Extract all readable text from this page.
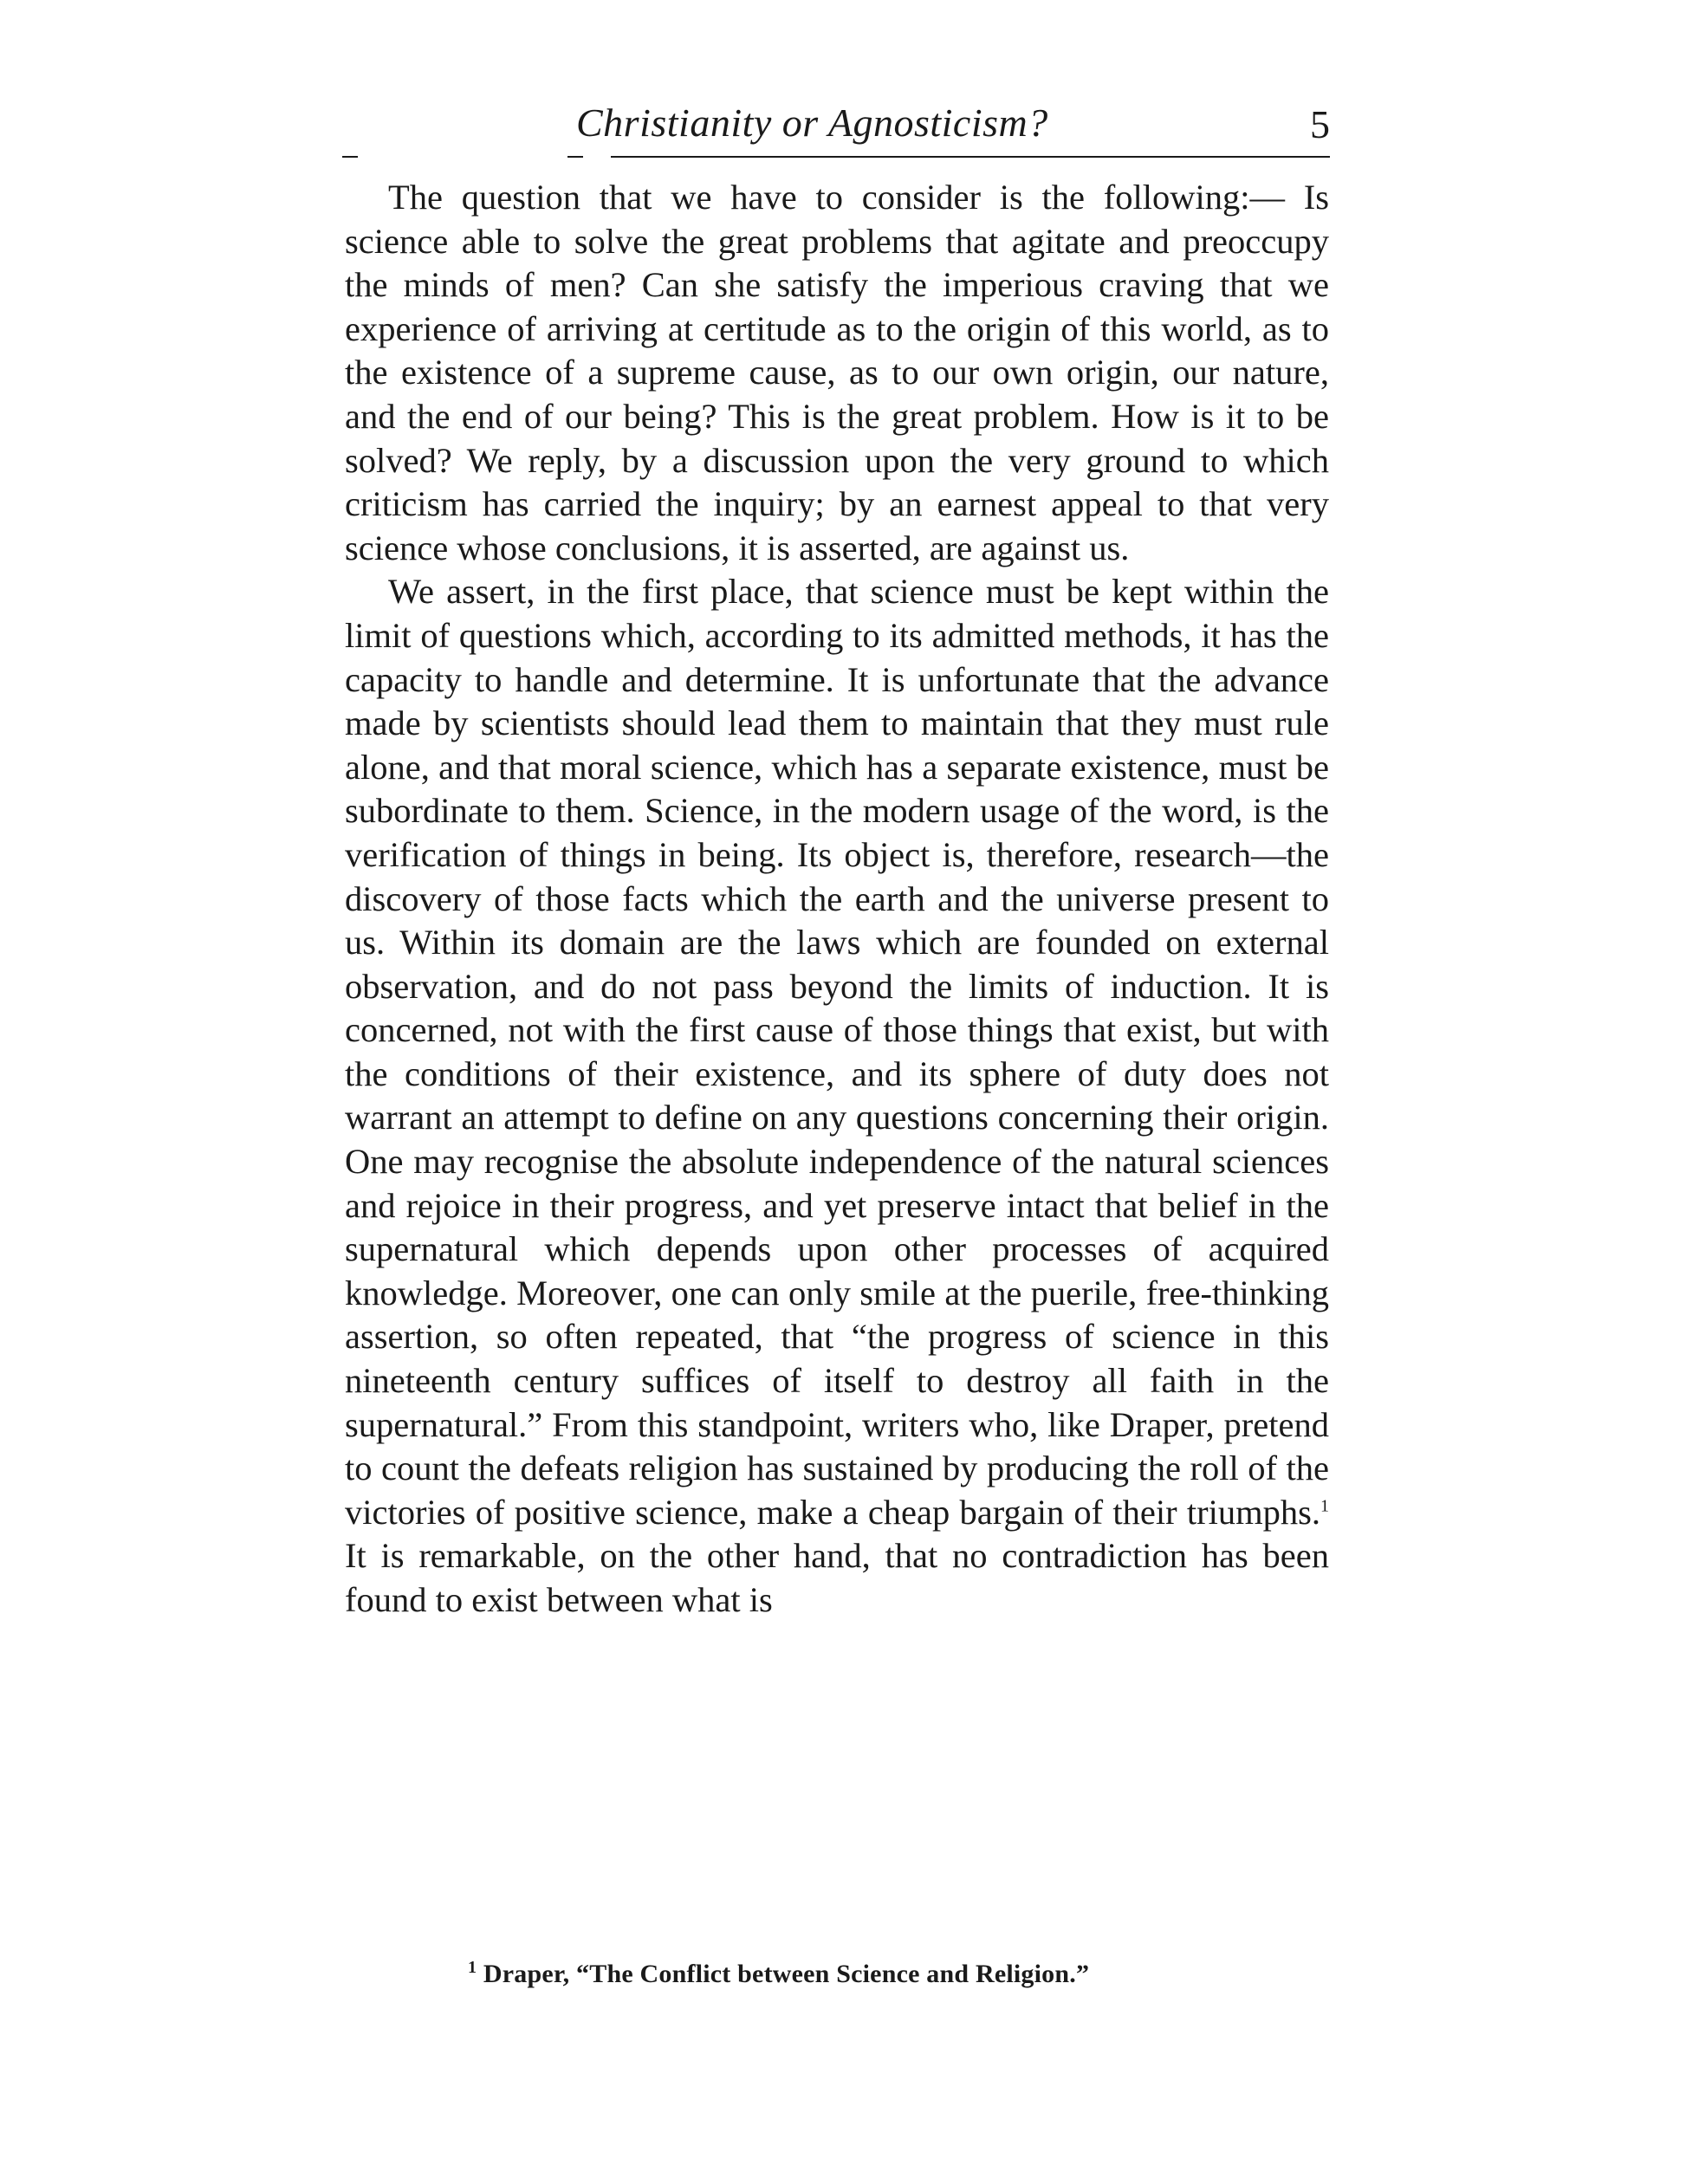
Christianity or Agnosticism?	5

The question that we have to consider is the following:— Is science able to solve the great problems that agitate and preoccupy the minds of men? Can she satisfy the imperious craving that we experience of arriving at certitude as to the origin of this world, as to the existence of a supreme cause, as to our own origin, our nature, and the end of our being? This is the great problem. How is it to be solved? We reply, by a discussion upon the very ground to which criticism has carried the inquiry; by an earnest appeal to that very science whose conclusions, it is asserted, are against us.

We assert, in the first place, that science must be kept within the limit of questions which, according to its admitted methods, it has the capacity to handle and determine. It is unfortunate that the advance made by scientists should lead them to maintain that they must rule alone, and that moral science, which has a separate existence, must be subordinate to them. Science, in the modern usage of the word, is the verification of things in being. Its object is, therefore, research—the discovery of those facts which the earth and the universe present to us. Within its domain are the laws which are founded on external observation, and do not pass beyond the limits of induction. It is concerned, not with the first cause of those things that exist, but with the conditions of their existence, and its sphere of duty does not warrant an attempt to define on any questions concerning their origin. One may recognise the absolute independence of the natural sciences and rejoice in their progress, and yet preserve intact that belief in the supernatural which depends upon other processes of acquired knowledge. Moreover, one can only smile at the puerile, free-thinking assertion, so often repeated, that “the progress of science in this nineteenth century suffices of itself to destroy all faith in the supernatural.” From this standpoint, writers who, like Draper, pretend to count the defeats religion has sustained by producing the roll of the victories of positive science, make a cheap bargain of their triumphs.$^1$ It is remarkable, on the other hand, that no contradiction has been found to exist between what is

$^1$ Draper, “The Conflict between Science and Religion.”
